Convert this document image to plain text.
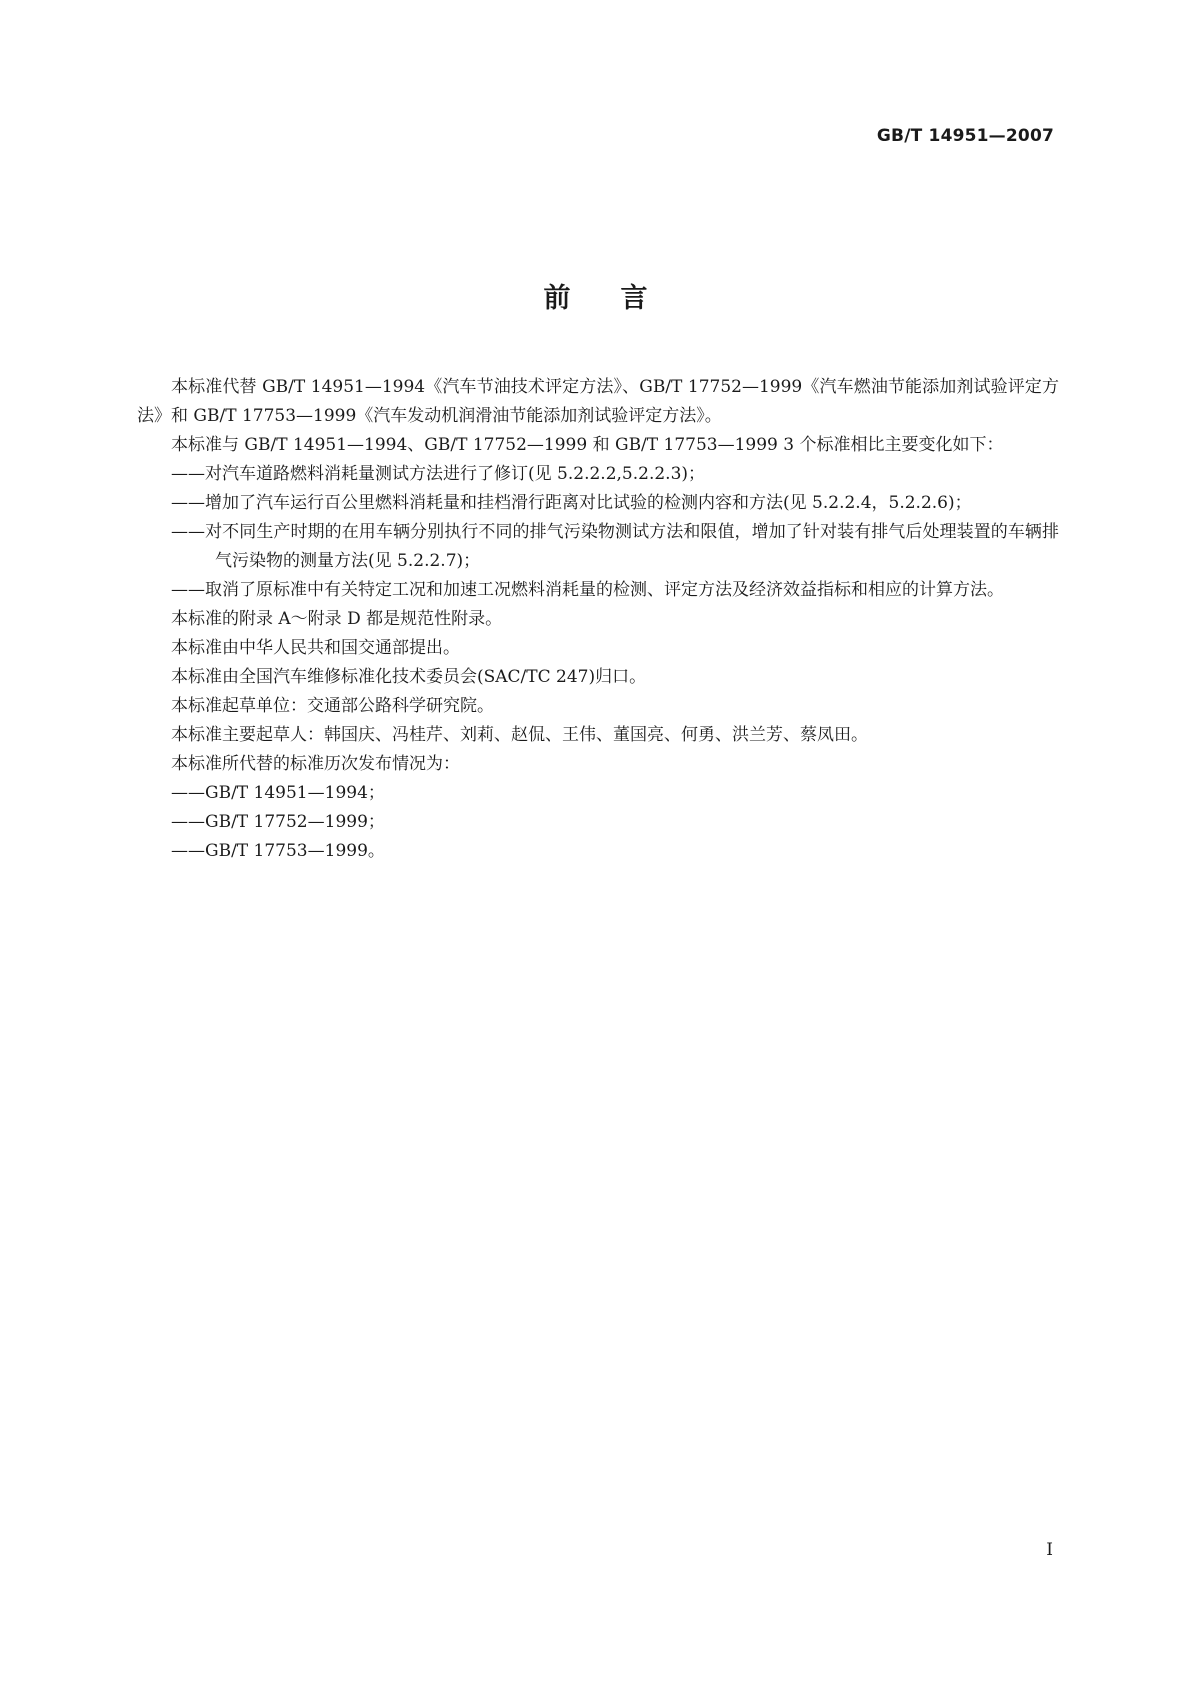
GB/T 14951—2007
前言

本标准代替 GB/T 14951—1994《汽车节油技术评定方法》、GB/T 17752—1999《汽车燃油节能添加剂试验评定方法》和 GB/T 17753—1999《汽车发动机润滑油节能添加剂试验评定方法》。

本标准与 GB/T 14951—1994、GB/T 17752—1999 和 GB/T 17753—1999 3 个标准相比主要变化如下：

——对汽车道路燃料消耗量测试方法进行了修订(见 5.2.2.2,5.2.2.3)；

——增加了汽车运行百公里燃料消耗量和挂档滑行距离对比试验的检测内容和方法(见 5.2.2.4，5.2.2.6)；

——对不同生产时期的在用车辆分别执行不同的排气污染物测试方法和限值，增加了针对装有排气后处理装置的车辆排气污染物的测量方法(见 5.2.2.7)；

——取消了原标准中有关特定工况和加速工况燃料消耗量的检测、评定方法及经济效益指标和相应的计算方法。

本标准的附录 A～附录 D 都是规范性附录。

本标准由中华人民共和国交通部提出。

本标准由全国汽车维修标准化技术委员会(SAC/TC 247)归口。

本标准起草单位：交通部公路科学研究院。

本标准主要起草人：韩国庆、冯桂芹、刘莉、赵侃、王伟、董国亮、何勇、洪兰芳、蔡凤田。

本标准所代替的标准历次发布情况为：

——GB/T 14951—1994；

——GB/T 17752—1999；

——GB/T 17753—1999。

I
